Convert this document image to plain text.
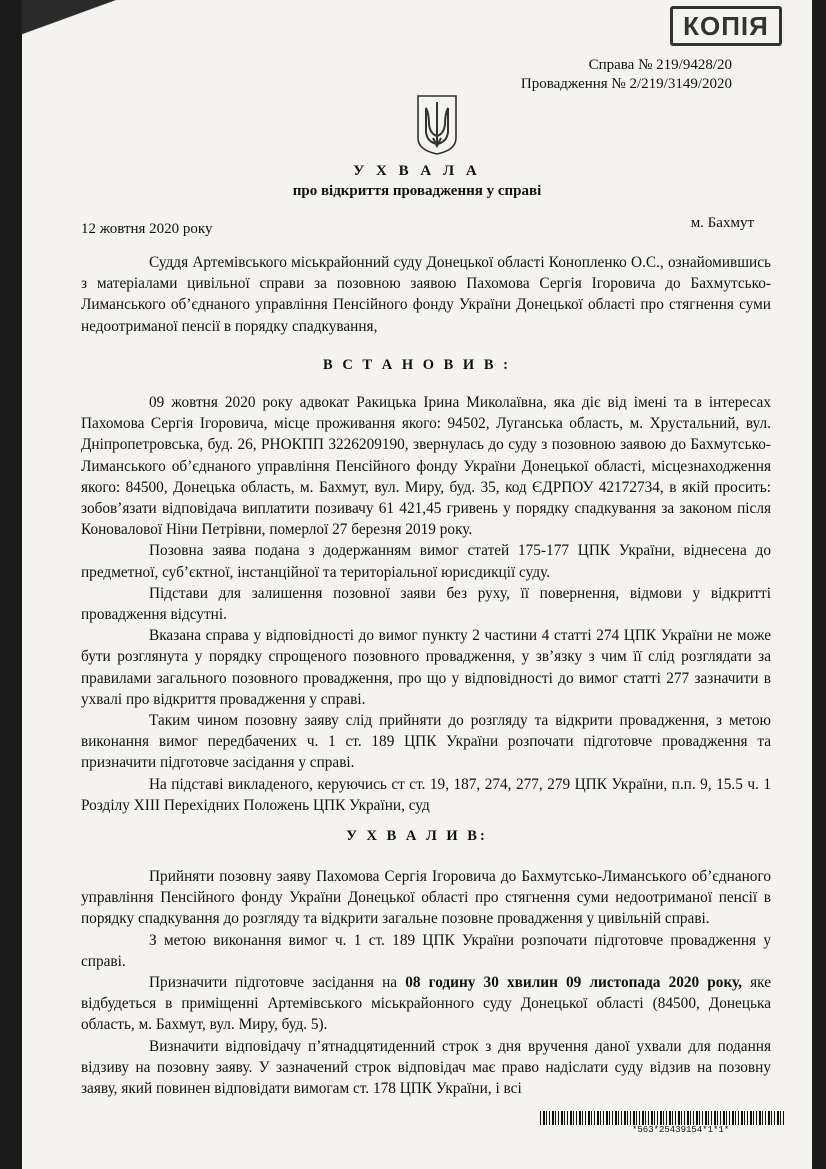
КОПІЯ
Справа № 219/9428/20
Провадження № 2/219/3149/2020
У Х В А Л А
про відкриття провадження у справі
12 жовтня 2020 року	м. Бахмут

Суддя Артемівського міськрайонний суду Донецької області Конопленко О.С., ознайомившись з матеріалами цивільної справи за позовною заявою Пахомова Сергія Ігоровича до Бахмутсько-Лиманського об’єднаного управління Пенсійного фонду України Донецької області про стягнення суми недоотриманої пенсії в порядку спадкування,

В С Т А Н О В И В :

09 жовтня 2020 року адвокат Ракицька Ірина Миколаївна, яка діє від імені та в інтересах Пахомова Сергія Ігоровича, місце проживання якого: 94502, Луганська область, м. Хрустальний, вул. Дніпропетровська, буд. 26, РНОКПП 3226209190, звернулась до суду з позовною заявою до Бахмутсько-Лиманського об’єднаного управління Пенсійного фонду України Донецької області, місцезнаходження якого: 84500, Донецька область, м. Бахмут, вул. Миру, буд. 35, код ЄДРПОУ 42172734, в якій просить: зобов’язати відповідача виплатити позивачу 61 421,45 гривень у порядку спадкування за законом після Коновалової Ніни Петрівни, померлої 27 березня 2019 року.

Позовна заява подана з додержанням вимог статей 175-177 ЦПК України, віднесена до предметної, суб’єктної, інстанційної та територіальної юрисдикції суду.

Підстави для залишення позовної заяви без руху, її повернення, відмови у відкритті провадження відсутні.

Вказана справа у відповідності до вимог пункту 2 частини 4 статті 274 ЦПК України не може бути розглянута у порядку спрощеного позовного провадження, у зв’язку з чим її слід розглядати за правилами загального позовного провадження, про що у відповідності до вимог статті 277 зазначити в ухвалі про відкриття провадження у справі.

Таким чином позовну заяву слід прийняти до розгляду та відкрити провадження, з метою виконання вимог передбачених ч. 1 ст. 189 ЦПК України розпочати підготовче провадження та призначити підготовче засідання у справі.

На підставі викладеного, керуючись ст ст. 19, 187, 274, 277, 279 ЦПК України, п.п. 9, 15.5 ч. 1 Розділу XIII Перехідних Положень ЦПК України, суд

У Х В А Л И В:

Прийняти позовну заяву Пахомова Сергія Ігоровича до Бахмутсько-Лиманського об’єднаного управління Пенсійного фонду України Донецької області про стягнення суми недоотриманої пенсії в порядку спадкування до розгляду та відкрити загальне позовне провадження у цивільній справі.

З метою виконання вимог ч. 1 ст. 189 ЦПК України розпочати підготовче провадження у справі.

Призначити підготовче засідання на 08 годину 30 хвилин 09 листопада 2020 року, яке відбудеться в приміщенні Артемівського міськрайонного суду Донецької області (84500, Донецька область, м. Бахмут, вул. Миру, буд. 5).

Визначити відповідачу п’ятнадцятиденний строк з дня вручення даної ухвали для подання відзиву на позовну заяву. У зазначений строк відповідач має право надіслати суду відзив на позовну заяву, який повинен відповідати вимогам ст. 178 ЦПК України, і всі

*563*25439154*1*1*
